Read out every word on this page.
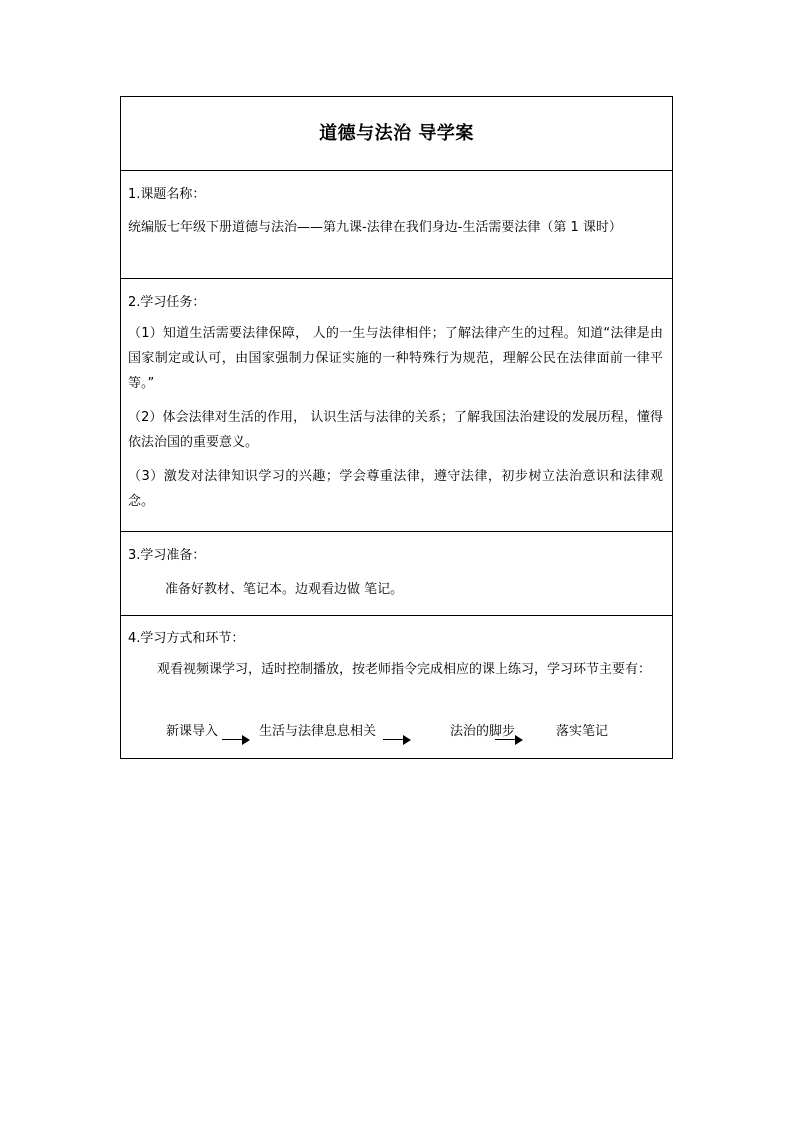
道德与法治 导学案
1.课题名称：
统编版七年级下册道德与法治——第九课-法律在我们身边-生活需要法律（第 1 课时）
2.学习任务：
（1）知道生活需要法律保障， 人的一生与法律相伴；了解法律产生的过程。知道“法律是由国家制定或认可，由国家强制力保证实施的一种特殊行为规范，理解公民在法律面前一律平等。”
（2）体会法律对生活的作用， 认识生活与法律的关系；了解我国法治建设的发展历程，懂得依法治国的重要意义。
（3）激发对法律知识学习的兴趣；学会尊重法律，遵守法律，初步树立法治意识和法律观念。
3.学习准备：
准备好教材、笔记本。边观看边做 笔记。
4.学习方式和环节：
观看视频课学习，适时控制播放，按老师指令完成相应的课上练习，学习环节主要有：
新课导入	生活与法律息息相关	法治的脚步	落实笔记
